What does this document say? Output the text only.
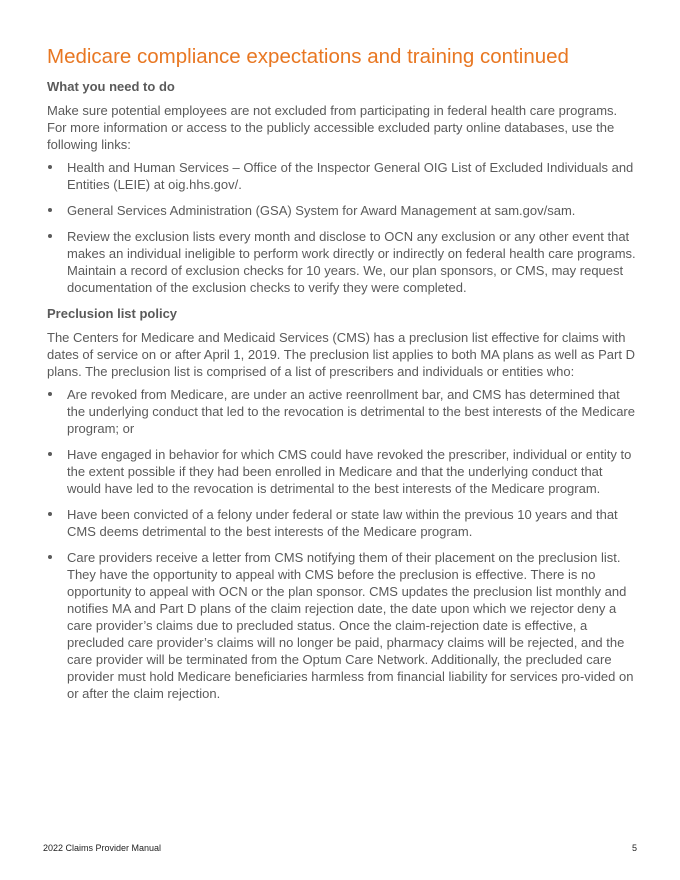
Medicare compliance expectations and training continued
What you need to do

Make sure potential employees are not excluded from participating in federal health care programs. For more information or access to the publicly accessible excluded party online databases, use the following links:

Health and Human Services – Office of the Inspector General OIG List of Excluded Individuals and Entities (LEIE) at oig.hhs.gov/.
General Services Administration (GSA) System for Award Management at sam.gov/sam.
Review the exclusion lists every month and disclose to OCN any exclusion or any other event that makes an individual ineligible to perform work directly or indirectly on federal health care programs. Maintain a record of exclusion checks for 10 years. We, our plan sponsors, or CMS, may request documentation of the exclusion checks to verify they were completed.
Preclusion list policy

The Centers for Medicare and Medicaid Services (CMS) has a preclusion list effective for claims with dates of service on or after April 1, 2019. The preclusion list applies to both MA plans as well as Part D plans. The preclusion list is comprised of a list of prescribers and individuals or entities who:

Are revoked from Medicare, are under an active reenrollment bar, and CMS has determined that the underlying conduct that led to the revocation is detrimental to the best interests of the Medicare program; or
Have engaged in behavior for which CMS could have revoked the prescriber, individual or entity to the extent possible if they had been enrolled in Medicare and that the underlying conduct that would have led to the revocation is detrimental to the best interests of the Medicare program.
Have been convicted of a felony under federal or state law within the previous 10 years and that CMS deems detrimental to the best interests of the Medicare program.
Care providers receive a letter from CMS notifying them of their placement on the preclusion list. They have the opportunity to appeal with CMS before the preclusion is effective. There is no opportunity to appeal with OCN or the plan sponsor. CMS updates the preclusion list monthly and notifies MA and Part D plans of the claim rejection date, the date upon which we rejector deny a care provider’s claims due to precluded status. Once the claim-rejection date is effective, a precluded care provider’s claims will no longer be paid, pharmacy claims will be rejected, and the care provider will be terminated from the Optum Care Network. Additionally, the precluded care provider must hold Medicare beneficiaries harmless from financial liability for services pro-vided on or after the claim rejection.
2022 Claims Provider Manual	5
